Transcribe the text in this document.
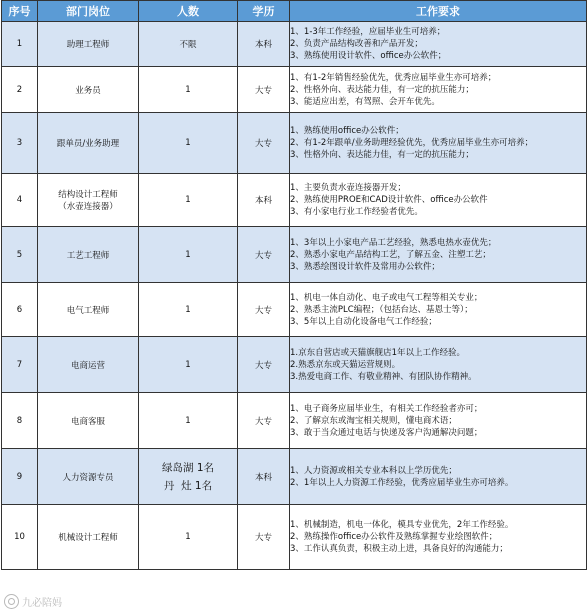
序号	部门岗位	人数	学历	工作要求
1	助理工程师	不限	本科	1、1-3年工作经验，应届毕业生可培养；
2、负责产品结构改善和产品开发；
3、熟练使用设计软件、office办公软件；

2	业务员	1	大专	1、有1-2年销售经验优先，优秀应届毕业生亦可培养；
2、性格外向、表达能力佳，有一定的抗压能力；
3、能适应出差，有驾照、会开车优先。

3	跟单员/业务助理	1	大专	1、熟练使用office办公软件；
2、有1-2年跟单/业务助理经验优先，优秀应届毕业生亦可培养；
3、性格外向、表达能力佳，有一定的抗压能力；

4	结构设计工程师
（水壶连接器）	1	本科	1、主要负责水壶连接器开发；
2、熟练使用PROE和CAD设计软件、office办公软件
3、有小家电行业工作经验者优先。

5	工艺工程师	1	大专	1、3年以上小家电产品工艺经验，熟悉电热水壶优先；
2、熟悉小家电产品结构工艺，了解五金、注塑工艺；
3、熟悉绘图设计软件及常用办公软件；

6	电气工程师	1	大专	1、机电一体自动化、电子或电气工程等相关专业；
2、熟悉主流PLC编程；（包括台达、基恩士等）；
3、5年以上自动化设备电气工作经验；

7	电商运营	1	大专	1.京东自营店或天猫旗舰店1年以上工作经验。
2.熟悉京东或天猫运营规则。
3.热爱电商工作、有敬业精神、有团队协作精神。

8	电商客服	1	大专	1、电子商务应届毕业生，有相关工作经验者亦可；
2、了解京东或淘宝相关规则，懂电商术语；
3、敢于当众通过电话与快递及客户沟通解决问题；

9	人力资源专员	绿岛湖 1名
丹  灶 1名	本科	1、人力资源或相关专业本科以上学历优先；
2、1年以上人力资源工作经验，优秀应届毕业生亦可培养。

10	机械设计工程师	1	大专	1、机械制造，机电一体化，模具专业优先，2年工作经验。
2、熟练操作office办公软件及熟练掌握专业绘图软件；
3、工作认真负责，积极主动上进，具备良好的沟通能力；
九必陪妈
